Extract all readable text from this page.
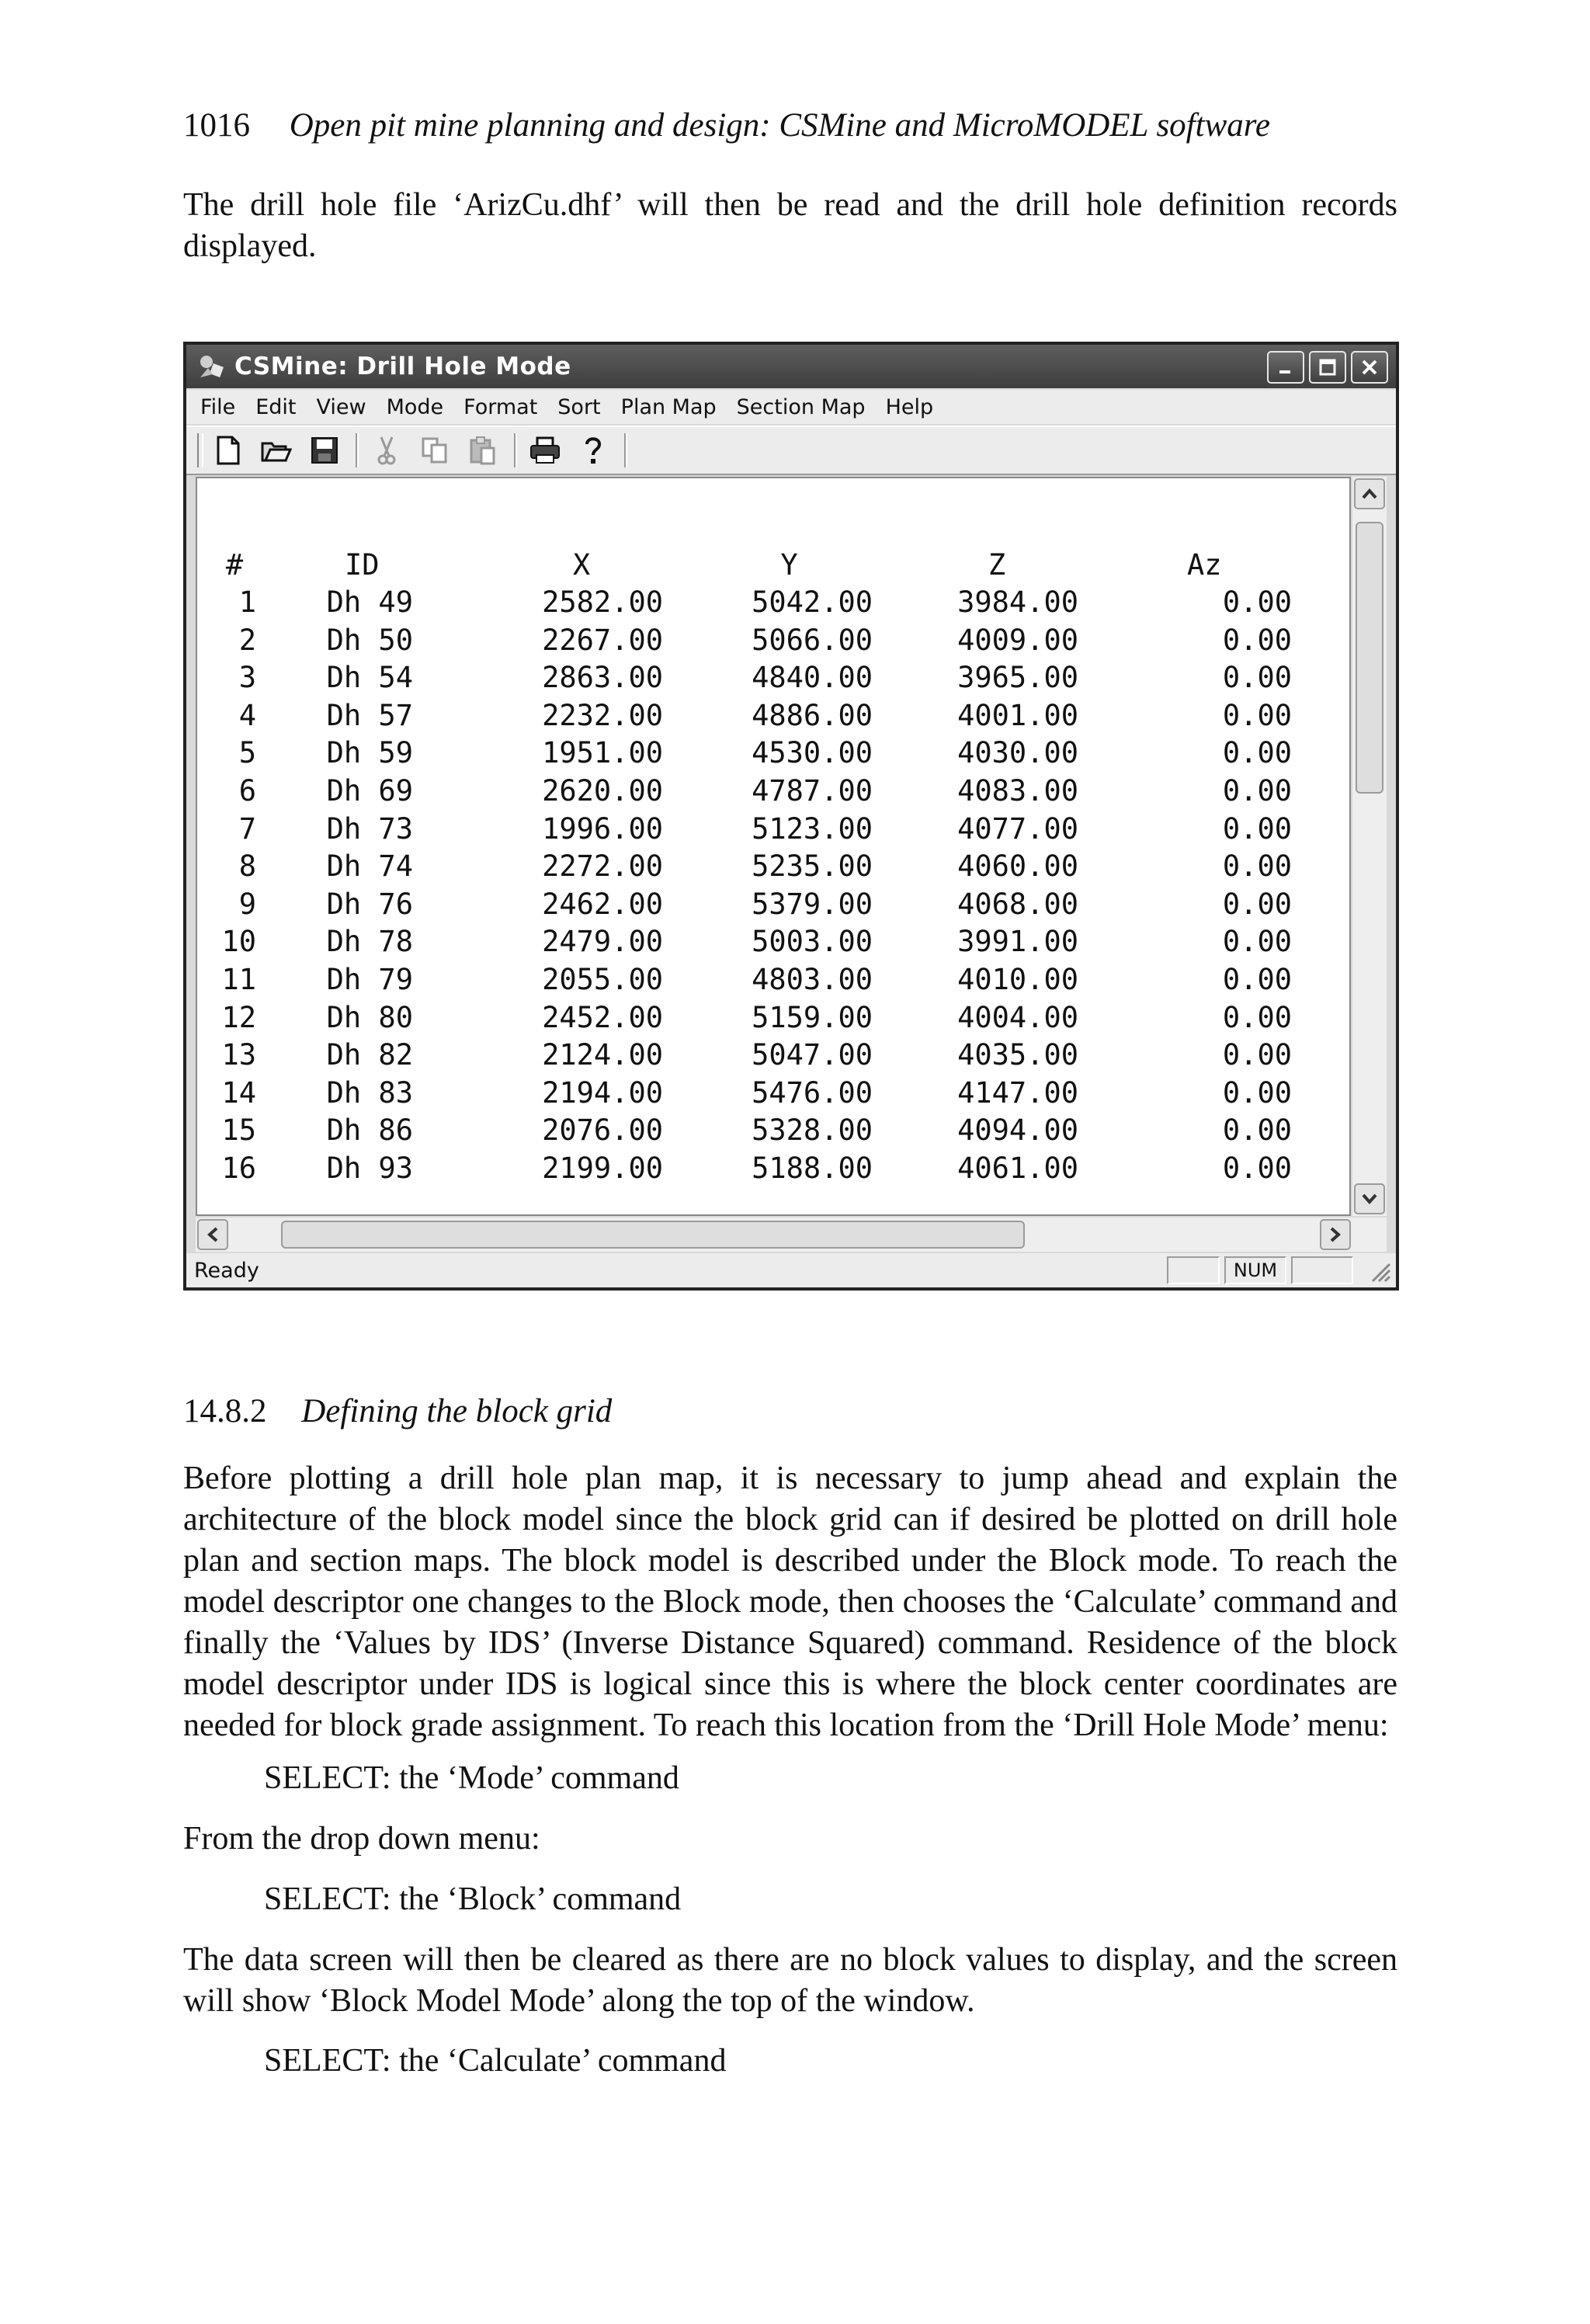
1016 Open pit mine planning and design: CSMine and MicroMODEL software
The drill hole file ‘ArizCu.dhf’ will then be read and the drill hole definition records displayed.
CSMine: Drill Hole Mode
File Edit View Mode Format Sort Plan Map Section Map Help
#	ID	X	Y	Z	Az
1	Dh 49	2582.00	5042.00	3984.00	0.00
2	Dh 50	2267.00	5066.00	4009.00	0.00
3	Dh 54	2863.00	4840.00	3965.00	0.00
4	Dh 57	2232.00	4886.00	4001.00	0.00
5	Dh 59	1951.00	4530.00	4030.00	0.00
6	Dh 69	2620.00	4787.00	4083.00	0.00
7	Dh 73	1996.00	5123.00	4077.00	0.00
8	Dh 74	2272.00	5235.00	4060.00	0.00
9	Dh 76	2462.00	5379.00	4068.00	0.00
10	Dh 78	2479.00	5003.00	3991.00	0.00
11	Dh 79	2055.00	4803.00	4010.00	0.00
12	Dh 80	2452.00	5159.00	4004.00	0.00
13	Dh 82	2124.00	5047.00	4035.00	0.00
14	Dh 83	2194.00	5476.00	4147.00	0.00
15	Dh 86	2076.00	5328.00	4094.00	0.00
16	Dh 93	2199.00	5188.00	4061.00	0.00
Ready	NUM
14.8.2 Defining the block grid
Before plotting a drill hole plan map, it is necessary to jump ahead and explain the architecture of the block model since the block grid can if desired be plotted on drill hole plan and section maps. The block model is described under the Block mode. To reach the model descriptor one changes to the Block mode, then chooses the ‘Calculate’ command and finally the ‘Values by IDS’ (Inverse Distance Squared) command. Residence of the block model descriptor under IDS is logical since this is where the block center coordinates are needed for block grade assignment. To reach this location from the ‘Drill Hole Mode’ menu:
SELECT: the ‘Mode’ command
From the drop down menu:
SELECT: the ‘Block’ command
The data screen will then be cleared as there are no block values to display, and the screen will show ‘Block Model Mode’ along the top of the window.
SELECT: the ‘Calculate’ command
